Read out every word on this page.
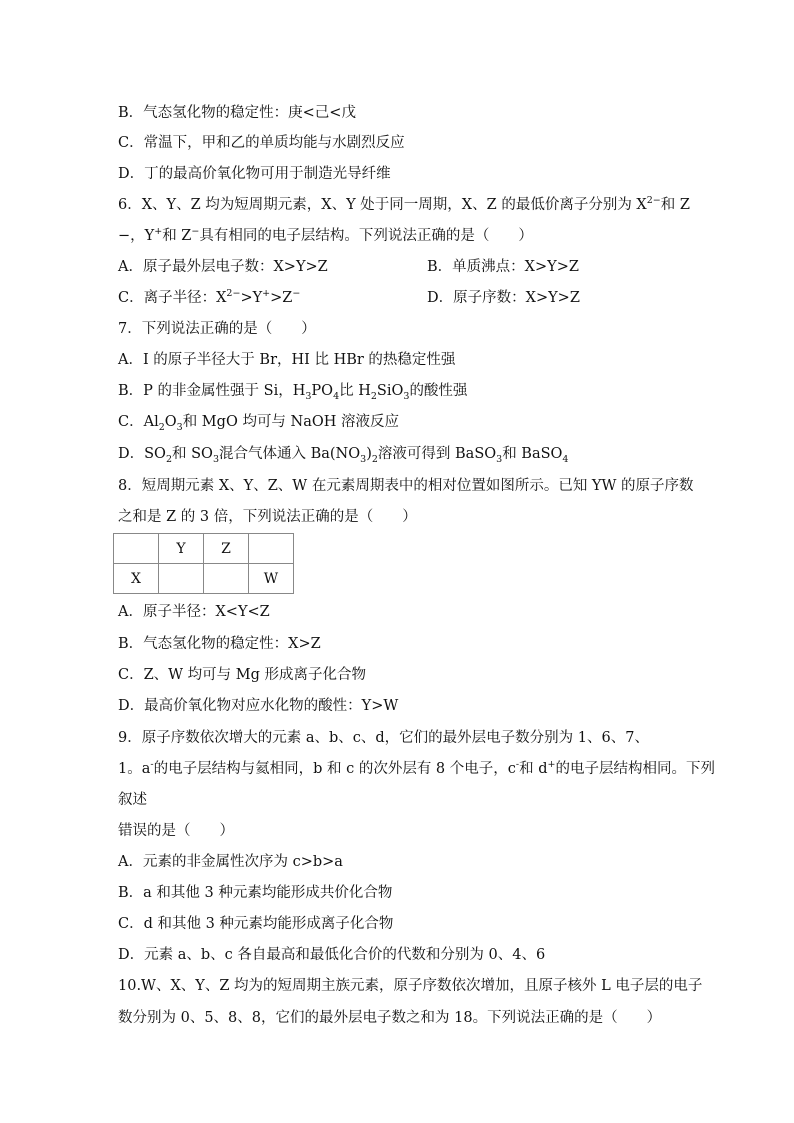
B．气态氢化物的稳定性：庚<己<戊
C．常温下，甲和乙的单质均能与水剧烈反应
D．丁的最高价氧化物可用于制造光导纤维
6．X、Y、Z 均为短周期元素，X、Y 处于同一周期，X、Z 的最低价离子分别为 $X^{2-}$和 Z
−，Y+和 Z−具有相同的电子层结构。下列说法正确的是（　　）
A．原子最外层电子数：X>Y>Z	B．单质沸点：X>Y>Z
C．离子半径：$X^{2-}>Y^+>Z^-$	D．原子序数：X>Y>Z
7．下列说法正确的是（　　）
A．I 的原子半径大于 Br，HI 比 HBr 的热稳定性强
B．P 的非金属性强于 Si，$H_3PO_4$比 $H_2SiO_3$的酸性强
C．$Al_2O_3$和 MgO 均可与 NaOH 溶液反应
D．$SO_2$和 $SO_3$混合气体通入 $Ba(NO_3)_2$溶液可得到 BaSO$_3$和 BaSO$_4$
8．短周期元素 X、Y、Z、W 在元素周期表中的相对位置如图所示。已知 YW 的原子序数
之和是 Z 的 3 倍，下列说法正确的是（　　）
	Y	Z	
X			W
A．原子半径：X<Y<Z
B．气态氢化物的稳定性：X>Z
C．Z、W 均可与 Mg 形成离子化合物
D．最高价氧化物对应水化物的酸性：Y>W
9．原子序数依次增大的元素 a、b、c、d，它们的最外层电子数分别为 1、6、7、
1。a-的电子层结构与氦相同，b 和 c 的次外层有 8 个电子，c-和 d+的电子层结构相同。下列
叙述
错误的是（　　）
A．元素的非金属性次序为 c>b>a
B．a 和其他 3 种元素均能形成共价化合物
C．d 和其他 3 种元素均能形成离子化合物
D．元素 a、b、c 各自最高和最低化合价的代数和分别为 0、4、6
10.W、X、Y、Z 均为的短周期主族元素，原子序数依次增加，且原子核外 L 电子层的电子
数分别为 0、5、8、8，它们的最外层电子数之和为 18。下列说法正确的是（　　）
